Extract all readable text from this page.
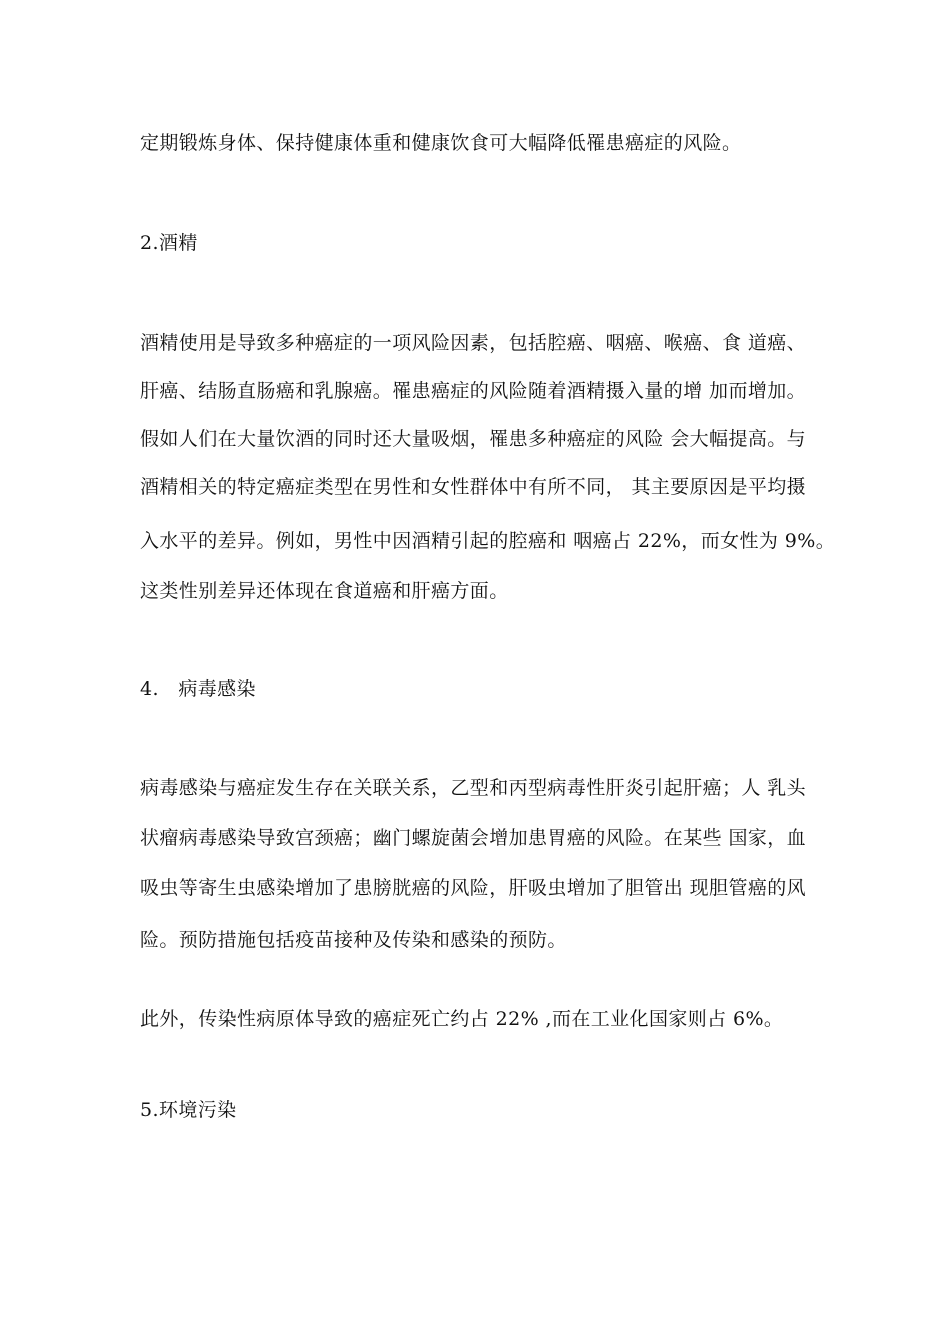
定期锻炼身体、保持健康体重和健康饮食可大幅降低罹患癌症的风险。
2.酒精
酒精使用是导致多种癌症的一项风险因素，包括腔癌、咽癌、喉癌、食 道癌、
肝癌、结肠直肠癌和乳腺癌。罹患癌症的风险随着酒精摄入量的增 加而增加。
假如人们在大量饮酒的同时还大量吸烟，罹患多种癌症的风险 会大幅提高。与
酒精相关的特定癌症类型在男性和女性群体中有所不同， 其主要原因是平均摄
入水平的差异。例如，男性中因酒精引起的腔癌和 咽癌占 22%，而女性为 9%。
这类性别差异还体现在食道癌和肝癌方面。
4.　病毒感染
病毒感染与癌症发生存在关联关系，乙型和丙型病毒性肝炎引起肝癌；人 乳头
状瘤病毒感染导致宫颈癌；幽门螺旋菌会增加患胃癌的风险。在某些 国家，血
吸虫等寄生虫感染增加了患膀胱癌的风险，肝吸虫增加了胆管出 现胆管癌的风
险。预防措施包括疫苗接种及传染和感染的预防。
此外，传染性病原体导致的癌症死亡约占 22% ,而在工业化国家则占 6%。
5.环境污染
